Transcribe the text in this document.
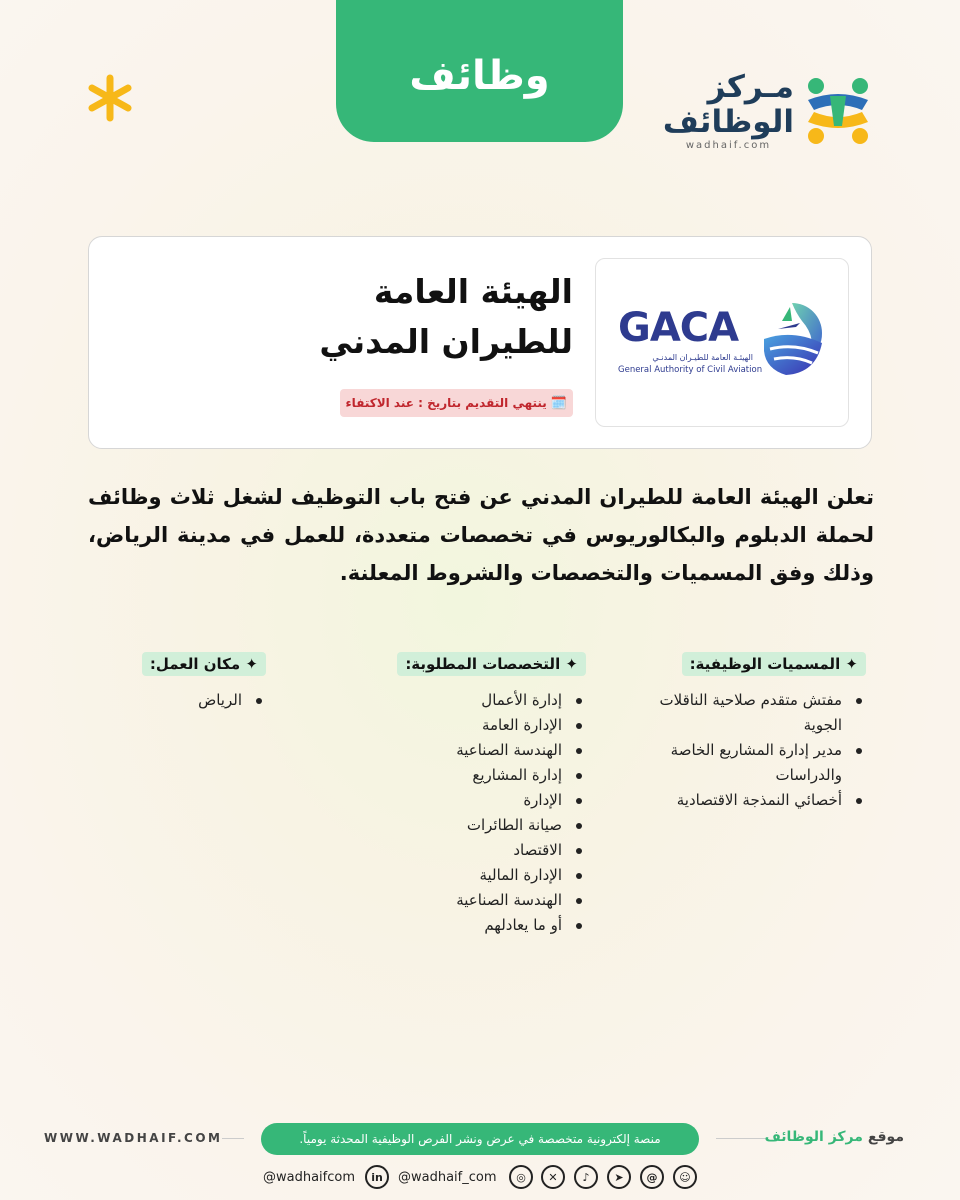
وظائف	مـركز
الوظائف
wadhaif.com
GACA
الهيئـة العامة للطيـران المدنـي
General Authority of Civil Aviation
الهيئة العامة للطيران المدني
🗓️
ينتهي التقديم بتاريخ : عند الاكتفاء
تعلن الهيئة العامة للطيران المدني عن فتح باب التوظيف لشغل ثلاث وظائف لحملة الدبلوم والبكالوريوس في تخصصات متعددة، للعمل في مدينة الرياض، وذلك وفق المسميات والتخصصات والشروط المعلنة.
✦ المسميات الوظيفية:
مفتش متقدم صلاحية الناقلات الجوية
مدير إدارة المشاريع الخاصة والدراسات
أخصائي النمذجة الاقتصادية
✦ التخصصات المطلوبة:
إدارة الأعمال
الإدارة العامة
الهندسة الصناعية
إدارة المشاريع
الإدارة
صيانة الطائرات
الاقتصاد
الإدارة المالية
الهندسة الصناعية
أو ما يعادلهم
✦ مكان العمل:
الرياض
WWW.WADHAIF.COM	منصة إلكترونية متخصصة في عرض ونشر الفرص الوظيفية المحدثة يومياً.	موقع مركز الوظائف
@wadhaifcom	in	@wadhaif_com	◎	✕	♪	➤	@	☺
